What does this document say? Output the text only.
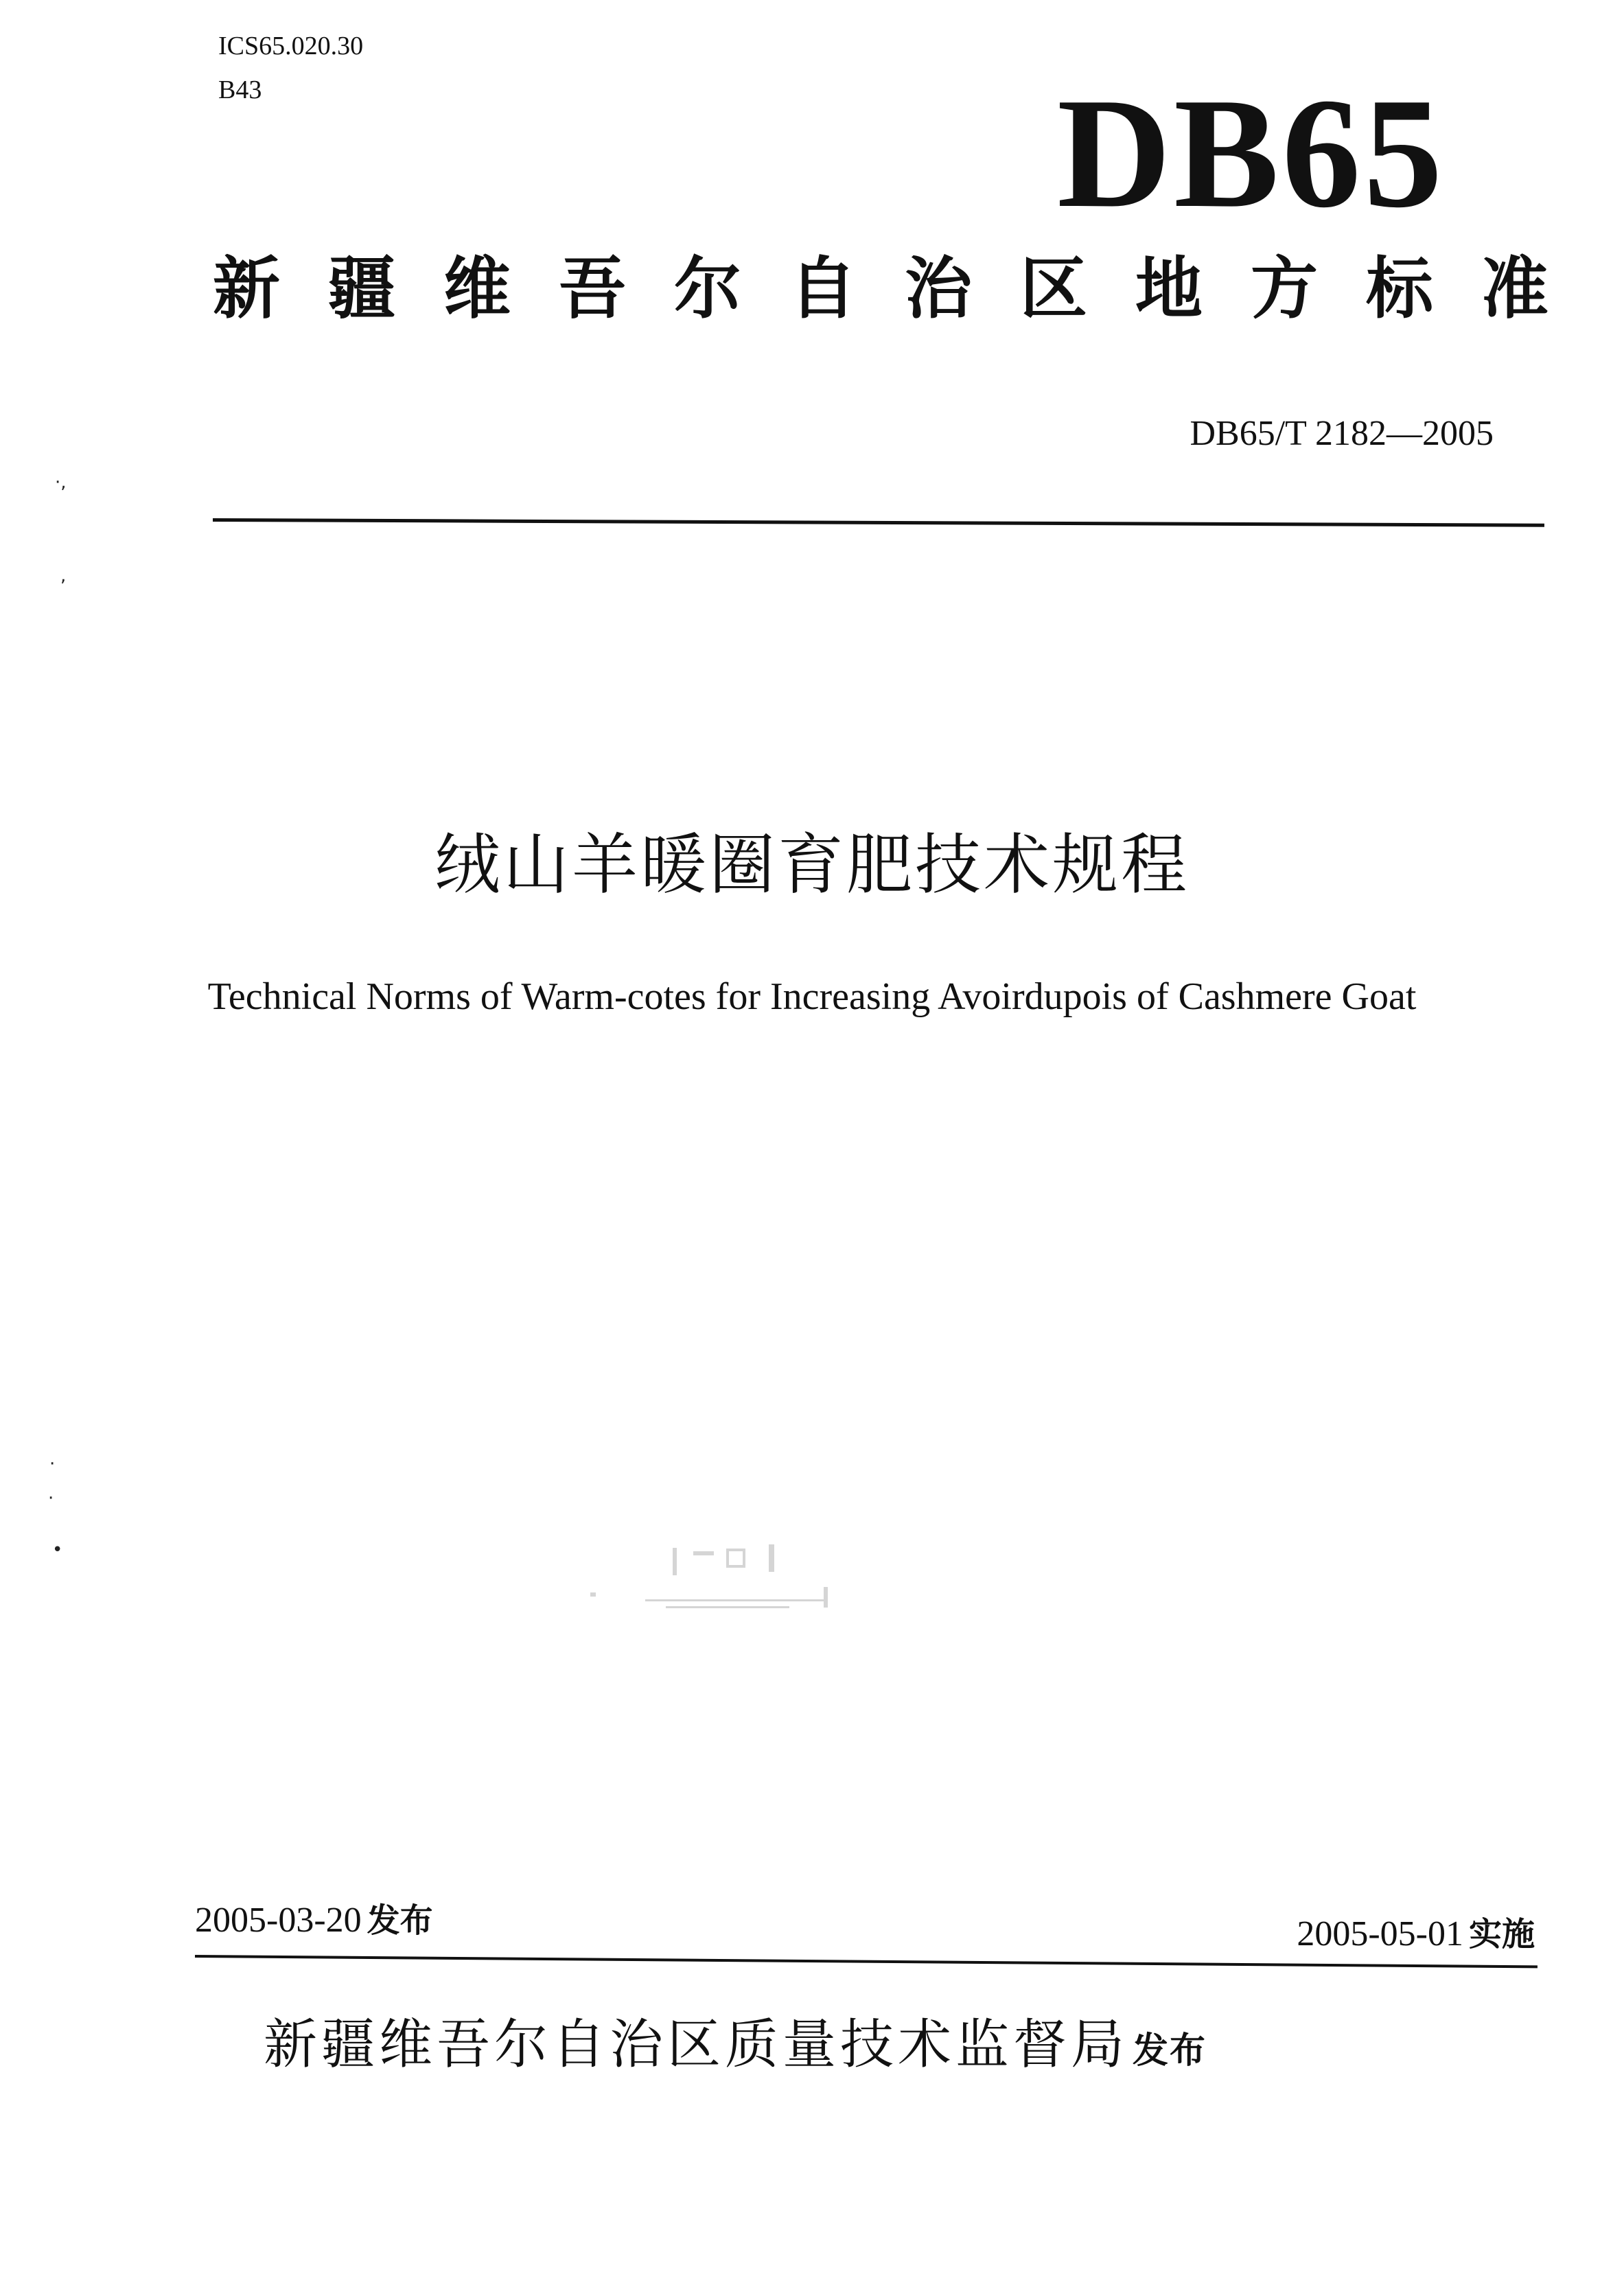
ICS65.020.30
B43	DB65
新疆维吾尔自治区地方标准
DB65/T 2182—2005
·,
,
·
·
•
绒山羊暖圈育肥技术规程
Technical Norms of Warm-cotes for Increasing Avoirdupois of Cashmere Goat
2005-03-20 发布	2005-05-01 实施
新疆维吾尔自治区质量技术监督局 发布
